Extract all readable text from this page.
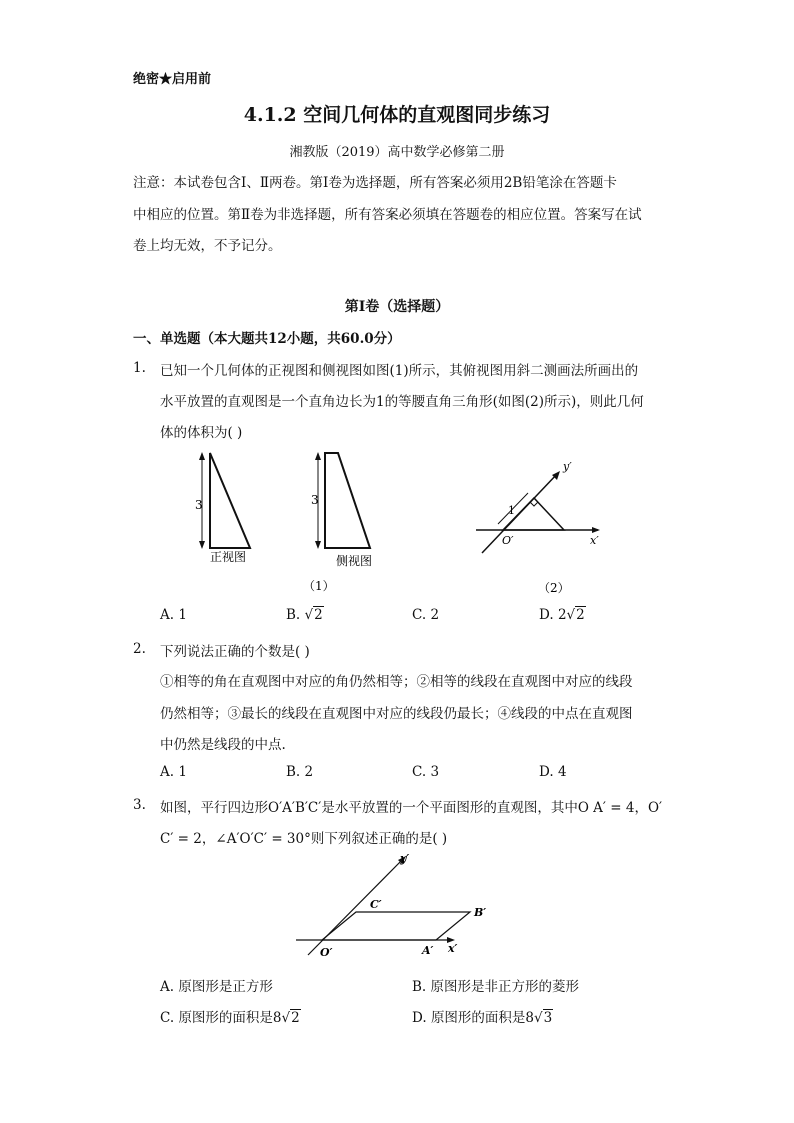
绝密★启用前
4.1.2 空间几何体的直观图同步练习
湘教版（2019）高中数学必修第二册
注意：本试卷包含Ⅰ、Ⅱ两卷。第Ⅰ卷为选择题，所有答案必须用2B铅笔涂在答题卡
中相应的位置。第Ⅱ卷为非选择题，所有答案必须填在答题卷的相应位置。答案写在试
卷上均无效，不予记分。
第Ⅰ卷（选择题）
一、单选题（本大题共12小题，共60.0分）
1. 已知一个几何体的正视图和侧视图如图(1)所示，其俯视图用斜二测画法所画出的
水平放置的直观图是一个直角边长为1的等腰直角三角形(如图(2)所示)，则此几何
体的体积为( )
3
正视图
3
侧视图
（1）
1
y′
x′
O′
（2）
A. 1	B. √2	C. 2	D. 2√2
2. 下列说法正确的个数是( )
①相等的角在直观图中对应的角仍然相等；②相等的线段在直观图中对应的线段
仍然相等；③最长的线段在直观图中对应的线段仍最长；④线段的中点在直观图
中仍然是线段的中点.
A. 1	B. 2	C. 3	D. 4
3. 如图，平行四边形O′A′B′C′是水平放置的一个平面图形的直观图，其中O A′ = 4，O′
C′ = 2，∠A′O′C′ = 30°则下列叙述正确的是( )
y′
x′
O′	A′
B′
C′
A. 原图形是正方形	B. 原图形是非正方形的菱形
C. 原图形的面积是8√2	D. 原图形的面积是8√3
